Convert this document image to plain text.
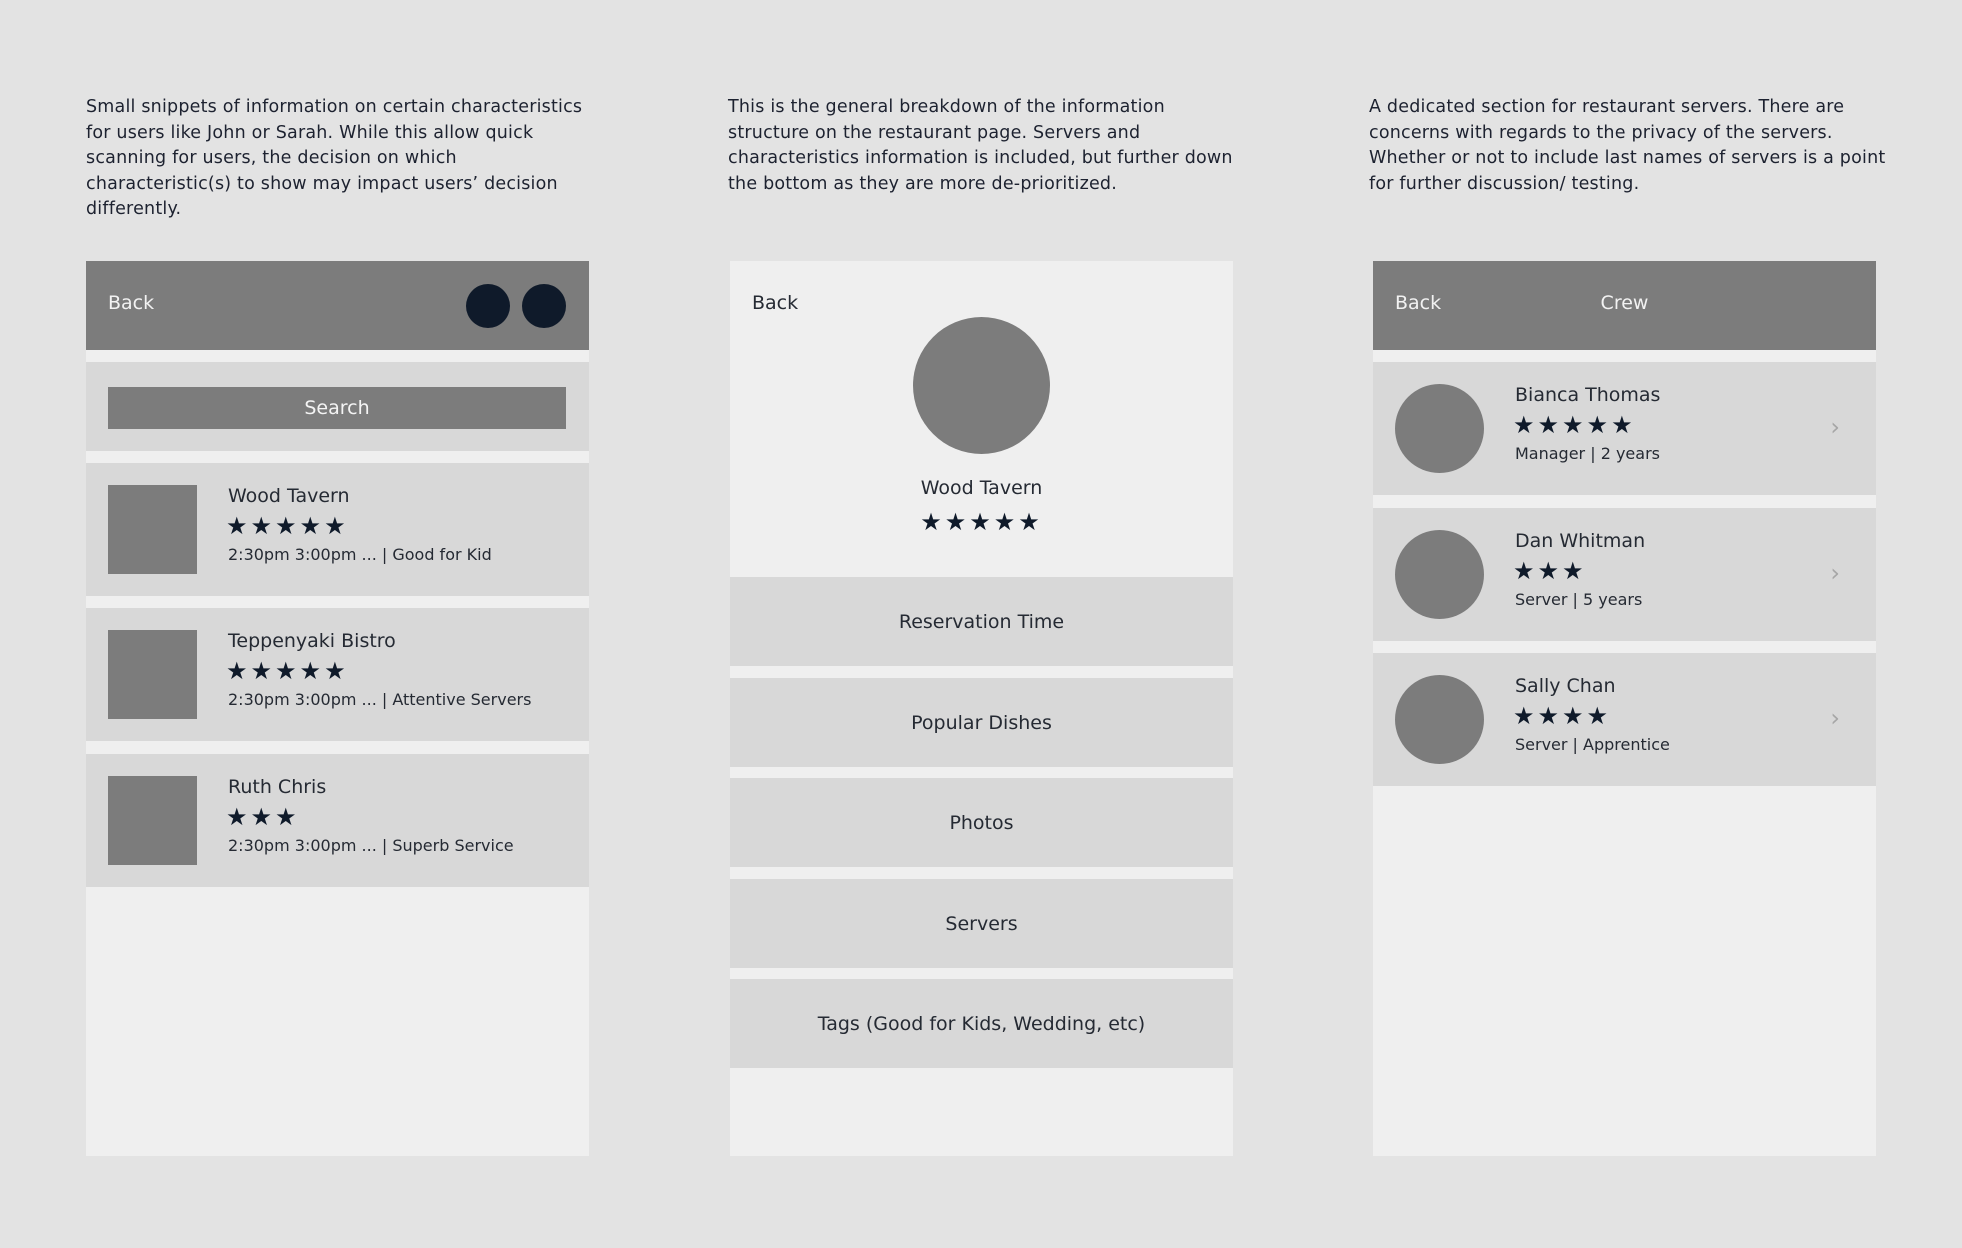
Small snippets of information on certain characteristics for users like John or Sarah. While this allow quick scanning for users, the decision on which characteristic(s) to show may impact users’ decision differently.

This is the general breakdown of the information structure on the restaurant page. Servers and characteristics information is included, but further down the bottom as they are more de-prioritized.

A dedicated section for restaurant servers. There are concerns with regards to the privacy of the servers. Whether or not to include last names of servers is a point for further discussion/ testing.

Back
Search
Wood Tavern
★★★★★
2:30pm 3:00pm ... | Good for Kid
Teppenyaki Bistro
★★★★★
2:30pm 3:00pm ... | Attentive Servers
Ruth Chris
★★★
2:30pm 3:00pm ... | Superb Service
Back
Wood Tavern
★★★★★
Reservation Time
Popular Dishes
Photos
Servers
Tags (Good for Kids, Wedding, etc)
Back	Crew
Bianca Thomas
★★★★★
Manager | 2 years
›
Dan Whitman
★★★
Server | 5 years
›
Sally Chan
★★★★
Server | Apprentice
›
